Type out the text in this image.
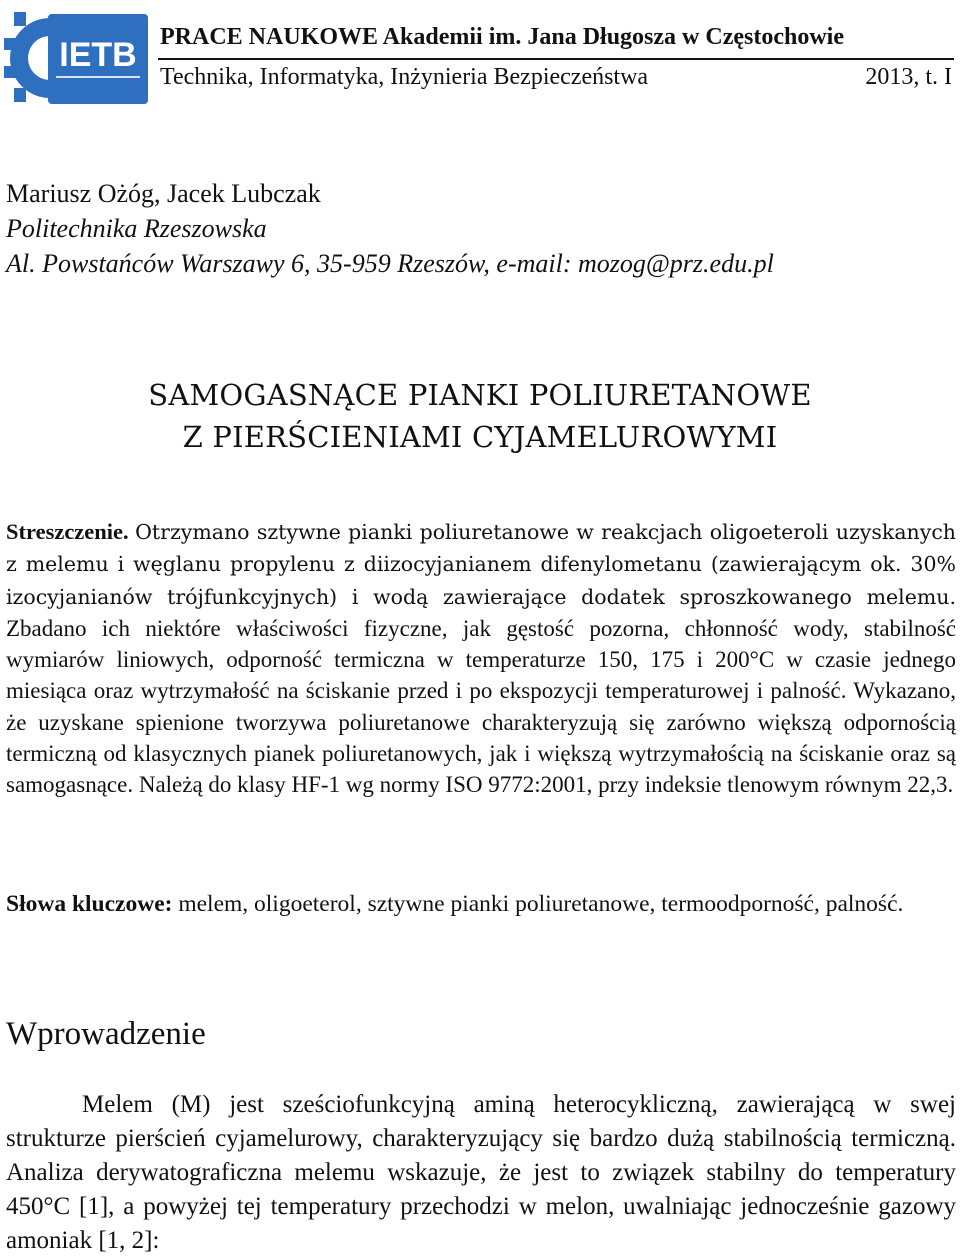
IETB PRACE NAUKOWE Akademii im. Jana Długosza w Częstochowie
Technika, Informatyka, Inżynieria Bezpieczeństwa	2013, t. I
Mariusz Ożóg, Jacek Lubczak
Politechnika Rzeszowska
Al. Powstańców Warszawy 6, 35-959 Rzeszów, e-mail: mozog@prz.edu.pl
SAMOGASNĄCE PIANKI POLIURETANOWE
Z PIERŚCIENIAMI CYJAMELUROWYMI
Streszczenie. Otrzymano sztywne pianki poliuretanowe w reakcjach oligoeteroli uzyskanych z melemu i węglanu propylenu z diizocyjanianem difenylometanu (zawierającym ok. 30% izocyjanianów trójfunkcyjnych) i wodą zawierające dodatek sproszkowanego melemu. Zbadano ich niektóre właściwości fizyczne, jak gęstość pozorna, chłonność wody, stabilność wymiarów liniowych, odporność termiczna w temperaturze 150, 175 i 200°C w czasie jednego miesiąca oraz wytrzymałość na ściskanie przed i po ekspozycji temperaturowej i palność. Wykazano, że uzyskane spienione tworzywa poliuretanowe charakteryzują się zarówno większą odpornością termiczną od klasycznych pianek poliuretanowych, jak i większą wytrzymałością na ściskanie oraz są samogasnące. Należą do klasy HF-1 wg normy ISO 9772:2001, przy indeksie tlenowym równym 22,3.
Słowa kluczowe: melem, oligoeterol, sztywne pianki poliuretanowe, termoodporność, palność.
Wprowadzenie
Melem (M) jest sześciofunkcyjną aminą heterocykliczną, zawierającą w swej strukturze pierścień cyjamelurowy, charakteryzujący się bardzo dużą stabilnością termiczną. Analiza derywatograficzna melemu wskazuje, że jest to związek stabilny do temperatury 450°C [1], a powyżej tej temperatury przechodzi w melon, uwalniając jednocześnie gazowy amoniak [1, 2]:
